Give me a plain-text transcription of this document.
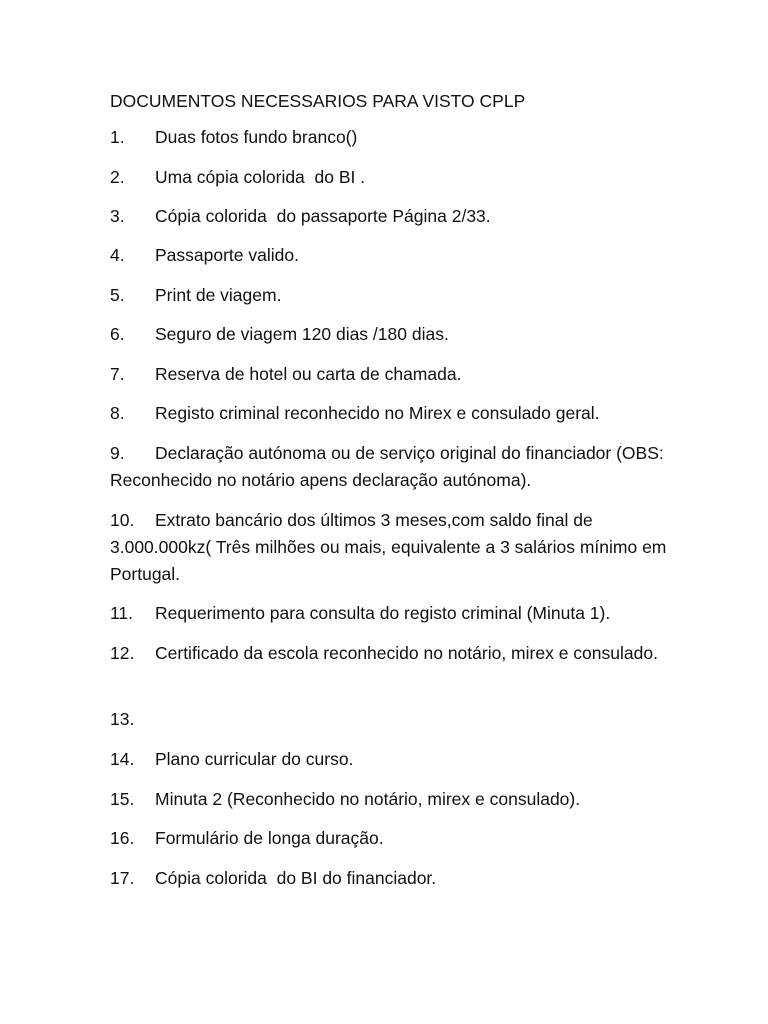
DOCUMENTOS NECESSARIOS PARA VISTO CPLP
1. Duas fotos fundo branco()
2. Uma cópia colorida  do BI .
3. Cópia colorida  do passaporte Página 2/33.
4. Passaporte valido.
5. Print de viagem.
6. Seguro de viagem 120 dias /180 dias.
7. Reserva de hotel ou carta de chamada.
8. Registo criminal reconhecido no Mirex e consulado geral.
9. Declaração autónoma ou de serviço original do financiador (OBS: Reconhecido no notário apens declaração autónoma).
10. Extrato bancário dos últimos 3 meses,com saldo final de 3.000.000kz( Três milhões ou mais, equivalente a 3 salários mínimo em Portugal.
11. Requerimento para consulta do registo criminal (Minuta 1).
12. Certificado da escola reconhecido no notário, mirex e consulado.
13.
14. Plano curricular do curso.
15. Minuta 2 (Reconhecido no notário, mirex e consulado).
16. Formulário de longa duração.
17. Cópia colorida  do BI do financiador.
